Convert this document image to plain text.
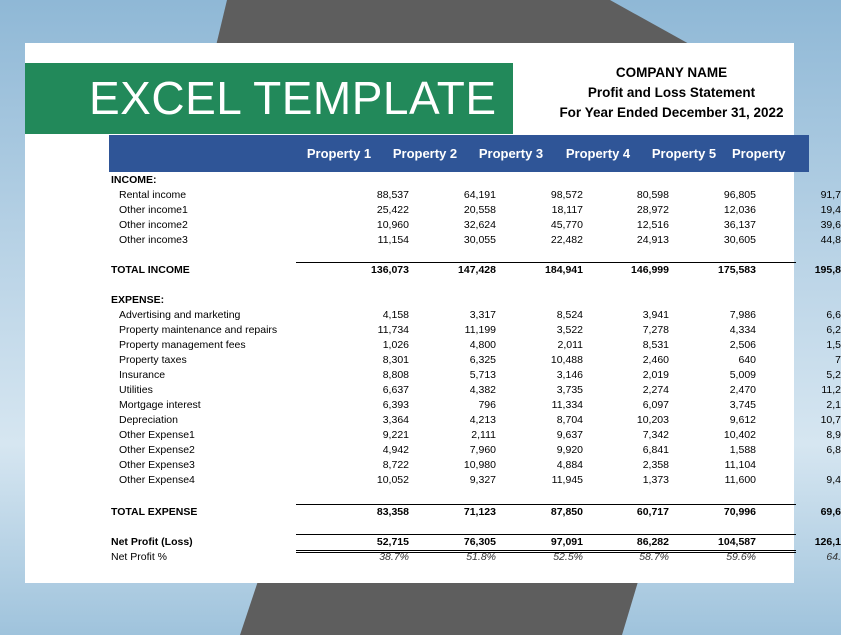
EXCEL TEMPLATE	COMPANY NAME
Profit and Loss Statement
For Year Ended December 31, 2022
Property 1	Property 2	Property 3	Property 4	Property 5	Property
INCOME:
Rental income	88,537	64,191	98,572	80,598	96,805	91,7
Other income1	25,422	20,558	18,117	28,972	12,036	19,4
Other income2	10,960	32,624	45,770	12,516	36,137	39,6
Other income3	11,154	30,055	22,482	24,913	30,605	44,8
TOTAL INCOME	136,073	147,428	184,941	146,999	175,583	195,8
EXPENSE:
Advertising and marketing	4,158	3,317	8,524	3,941	7,986	6,6
Property maintenance and repairs	11,734	11,199	3,522	7,278	4,334	6,2
Property management fees	1,026	4,800	2,011	8,531	2,506	1,5
Property taxes	8,301	6,325	10,488	2,460	640	7
Insurance	8,808	5,713	3,146	2,019	5,009	5,2
Utilities	6,637	4,382	3,735	2,274	2,470	11,2
Mortgage interest	6,393	796	11,334	6,097	3,745	2,1
Depreciation	3,364	4,213	8,704	10,203	9,612	10,7
Other Expense1	9,221	2,111	9,637	7,342	10,402	8,9
Other Expense2	4,942	7,960	9,920	6,841	1,588	6,8
Other Expense3	8,722	10,980	4,884	2,358	11,104
Other Expense4	10,052	9,327	11,945	1,373	11,600	9,4
TOTAL EXPENSE	83,358	71,123	87,850	60,717	70,996	69,6
Net Profit (Loss)	52,715	76,305	97,091	86,282	104,587	126,1
Net Profit %	38.7%	51.8%	52.5%	58.7%	59.6%	64.
